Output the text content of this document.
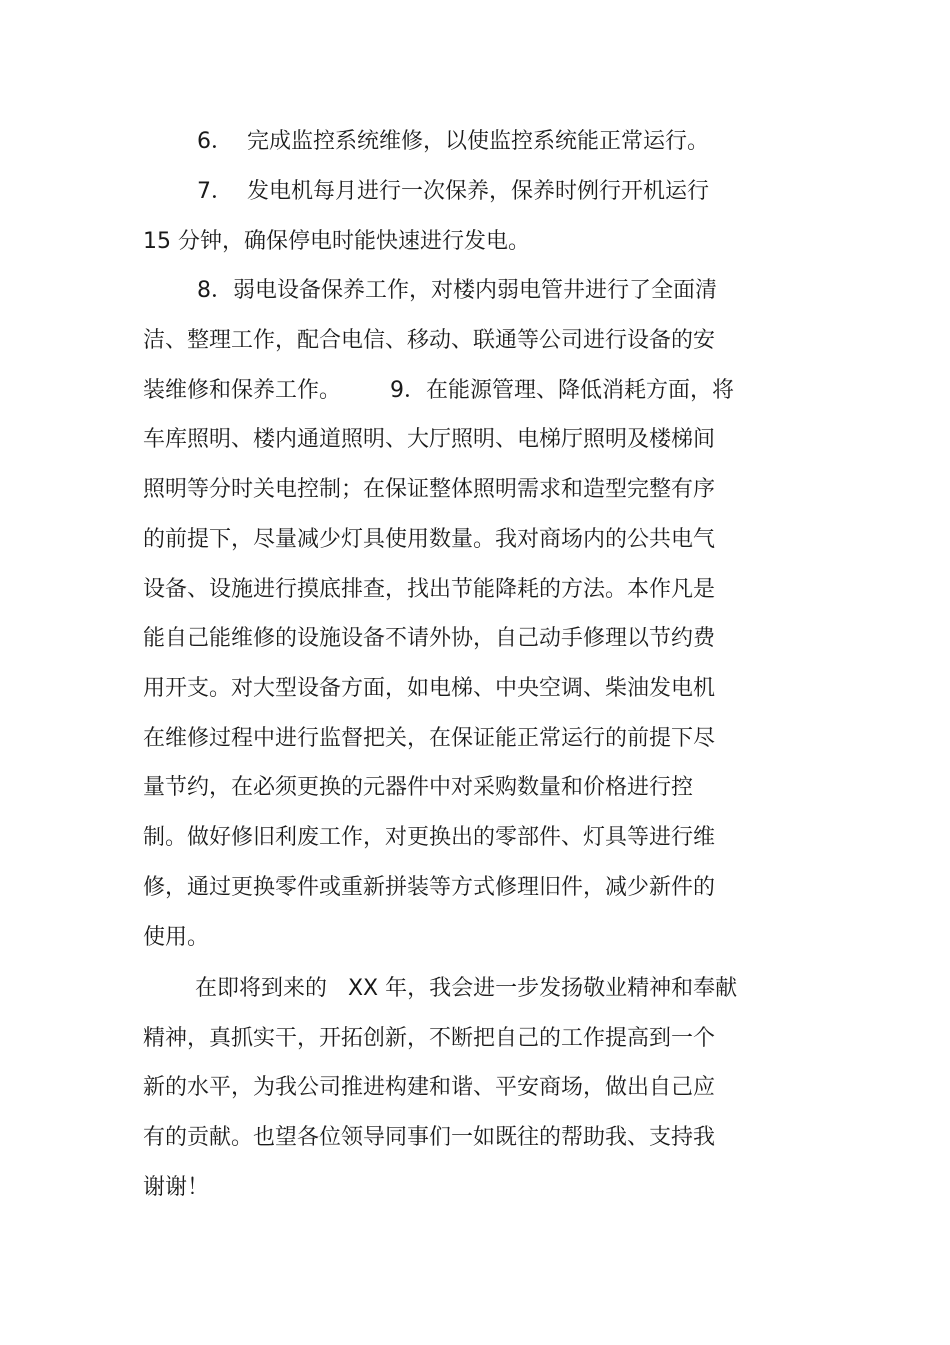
6．  完成监控系统维修，以使监控系统能正常运行。
7．  发电机每月进行一次保养，保养时例行开机运行
15 分钟，确保停电时能快速进行发电。
8．弱电设备保养工作，对楼内弱电管井进行了全面清
洁、整理工作，配合电信、移动、联通等公司进行设备的安
装维修和保养工作。       9．在能源管理、降低消耗方面，将
车库照明、楼内通道照明、大厅照明、电梯厅照明及楼梯间
照明等分时关电控制；在保证整体照明需求和造型完整有序
的前提下，尽量减少灯具使用数量。我对商场内的公共电气
设备、设施进行摸底排查，找出节能降耗的方法。本作凡是
能自己能维修的设施设备不请外协，自己动手修理以节约费
用开支。对大型设备方面，如电梯、中央空调、柴油发电机
在维修过程中进行监督把关，在保证能正常运行的前提下尽
量节约，在必须更换的元器件中对采购数量和价格进行控
制。做好修旧利废工作，对更换出的零部件、灯具等进行维
修，通过更换零件或重新拼装等方式修理旧件，减少新件的
使用。
在即将到来的   XX 年，我会进一步发扬敬业精神和奉献
精神，真抓实干，开拓创新，不断把自己的工作提高到一个
新的水平，为我公司推进构建和谐、平安商场，做出自己应
有的贡献。也望各位领导同事们一如既往的帮助我、支持我
谢谢！
